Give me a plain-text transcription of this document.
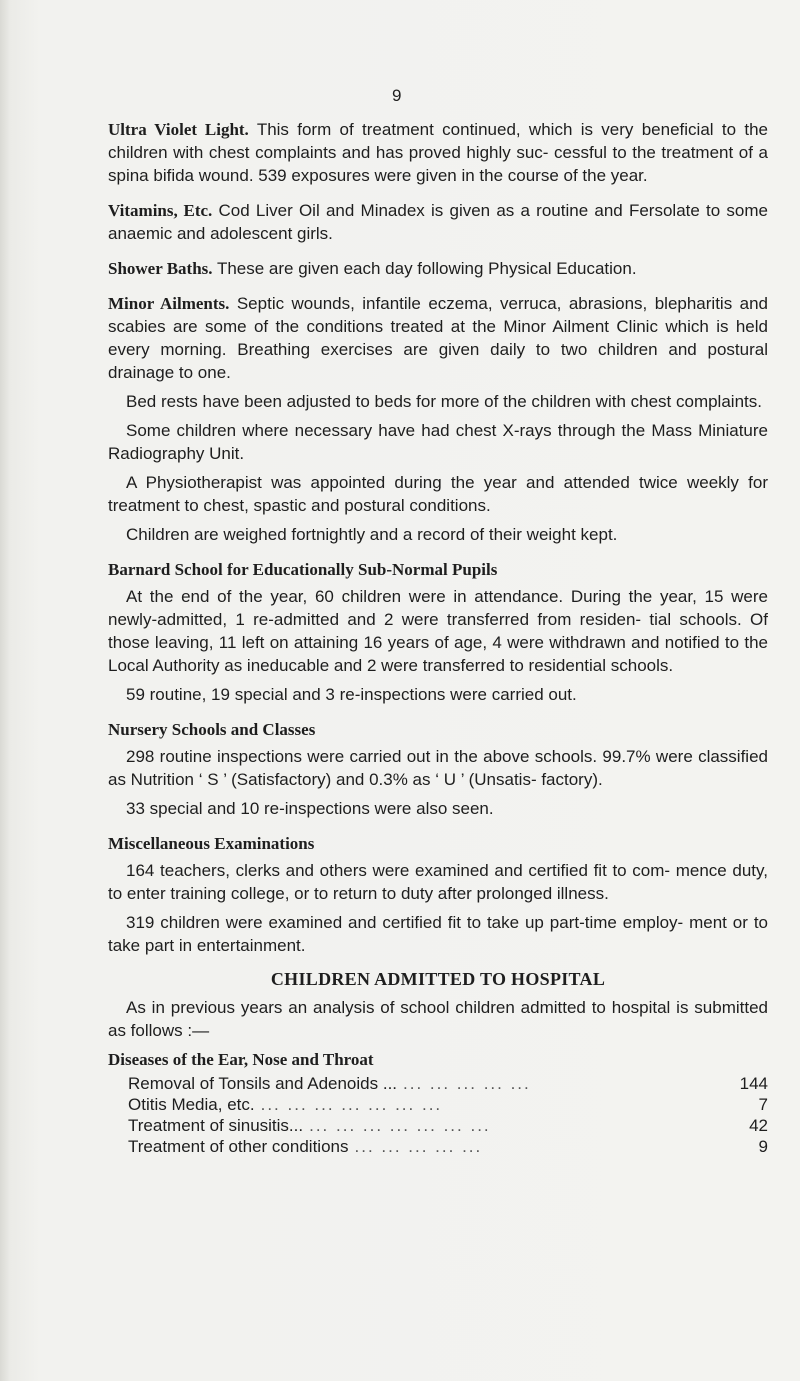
9

Ultra Violet Light. This form of treatment continued, which is very beneficial to the children with chest complaints and has proved highly suc- cessful to the treatment of a spina bifida wound. 539 exposures were given in the course of the year.

Vitamins, Etc. Cod Liver Oil and Minadex is given as a routine and Fersolate to some anaemic and adolescent girls.

Shower Baths. These are given each day following Physical Education.

Minor Ailments. Septic wounds, infantile eczema, verruca, abrasions, blepharitis and scabies are some of the conditions treated at the Minor Ailment Clinic which is held every morning. Breathing exercises are given daily to two children and postural drainage to one.

Bed rests have been adjusted to beds for more of the children with chest complaints.

Some children where necessary have had chest X-rays through the Mass Miniature Radiography Unit.

A Physiotherapist was appointed during the year and attended twice weekly for treatment to chest, spastic and postural conditions.

Children are weighed fortnightly and a record of their weight kept.

Barnard School for Educationally Sub-Normal Pupils

At the end of the year, 60 children were in attendance. During the year, 15 were newly-admitted, 1 re-admitted and 2 were transferred from residen- tial schools. Of those leaving, 11 left on attaining 16 years of age, 4 were withdrawn and notified to the Local Authority as ineducable and 2 were transferred to residential schools.

59 routine, 19 special and 3 re-inspections were carried out.

Nursery Schools and Classes

298 routine inspections were carried out in the above schools. 99.7% were classified as Nutrition ‘ S ’ (Satisfactory) and 0.3% as ‘ U ’ (Unsatis- factory).

33 special and 10 re-inspections were also seen.

Miscellaneous Examinations

164 teachers, clerks and others were examined and certified fit to com- mence duty, to enter training college, or to return to duty after prolonged illness.

319 children were examined and certified fit to take up part-time employ- ment or to take part in entertainment.

CHILDREN ADMITTED TO HOSPITAL

As in previous years an analysis of school children admitted to hospital is submitted as follows :—

Diseases of the Ear, Nose and Throat
Removal of Tonsils and Adenoids ... ... ... ... ... ...	144
Otitis Media, etc. ... ... ... ... ... ... ...	7
Treatment of sinusitis... ... ... ... ... ... ... ...	42
Treatment of other conditions ... ... ... ... ...	9
